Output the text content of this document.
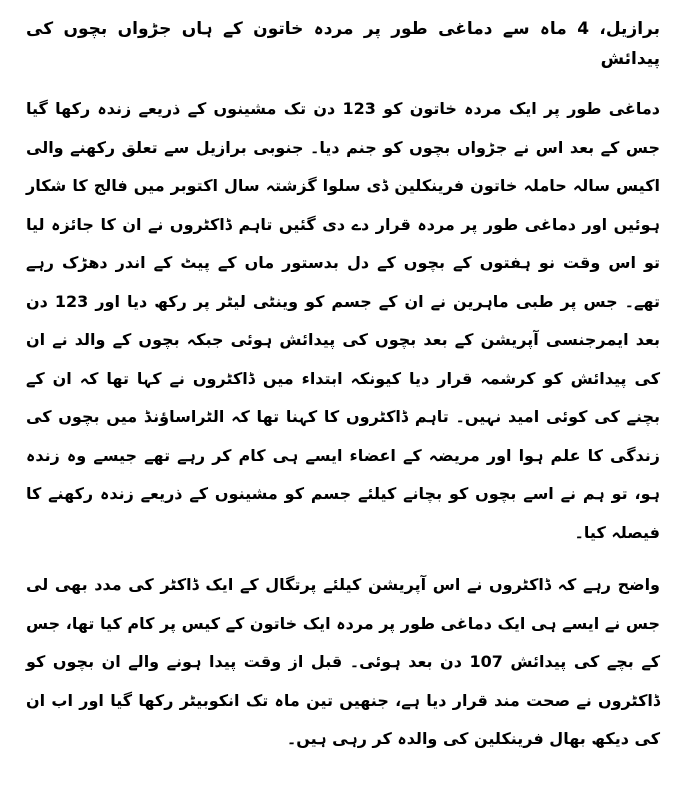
برازیل، 4 ماہ سے دماغی طور پر مردہ خاتون کے ہاں جڑواں بچوں کی پیدائش

دماغی طور پر ایک مردہ خاتون کو 123 دن تک مشینوں کے ذریعے زندہ رکھا گیا جس کے بعد اس نے جڑواں بچوں کو جنم دیا۔ جنوبی برازیل سے تعلق رکھنے والی اکیس سالہ حاملہ خاتون فرینکلین ڈی سلوا گزشتہ سال اکتوبر میں فالج کا شکار ہوئیں اور دماغی طور پر مردہ قرار دے دی گئیں تاہم ڈاکٹروں نے ان کا جائزہ لیا تو اس وقت نو ہفتوں کے بچوں کے دل بدستور ماں کے پیٹ کے اندر دھڑک رہے تھے۔ جس پر طبی ماہرین نے ان کے جسم کو وینٹی لیٹر پر رکھ دیا اور 123 دن بعد ایمرجنسی آپریشن کے بعد بچوں کی پیدائش ہوئی جبکہ بچوں کے والد نے ان کی پیدائش کو کرشمہ قرار دیا کیونکہ ابتداء میں ڈاکٹروں نے کہا تھا کہ ان کے بچنے کی کوئی امید نہیں۔ تاہم ڈاکٹروں کا کہنا تھا کہ الٹراساؤنڈ میں بچوں کی زندگی کا علم ہوا اور مریضہ کے اعضاء ایسے ہی کام کر رہے تھے جیسے وہ زندہ ہو، تو ہم نے اسے بچوں کو بچانے کیلئے جسم کو مشینوں کے ذریعے زندہ رکھنے کا فیصلہ کیا۔

واضح رہے کہ ڈاکٹروں نے اس آپریشن کیلئے پرتگال کے ایک ڈاکٹر کی مدد بھی لی جس نے ایسے ہی ایک دماغی طور پر مردہ ایک خاتون کے کیس پر کام کیا تھا، جس کے بچے کی پیدائش 107 دن بعد ہوئی۔ قبل از وقت پیدا ہونے والے ان بچوں کو ڈاکٹروں نے صحت مند قرار دیا ہے، جنھیں تین ماہ تک انکوبیٹر رکھا گیا اور اب ان کی دیکھ بھال فرینکلین کی والدہ کر رہی ہیں۔
